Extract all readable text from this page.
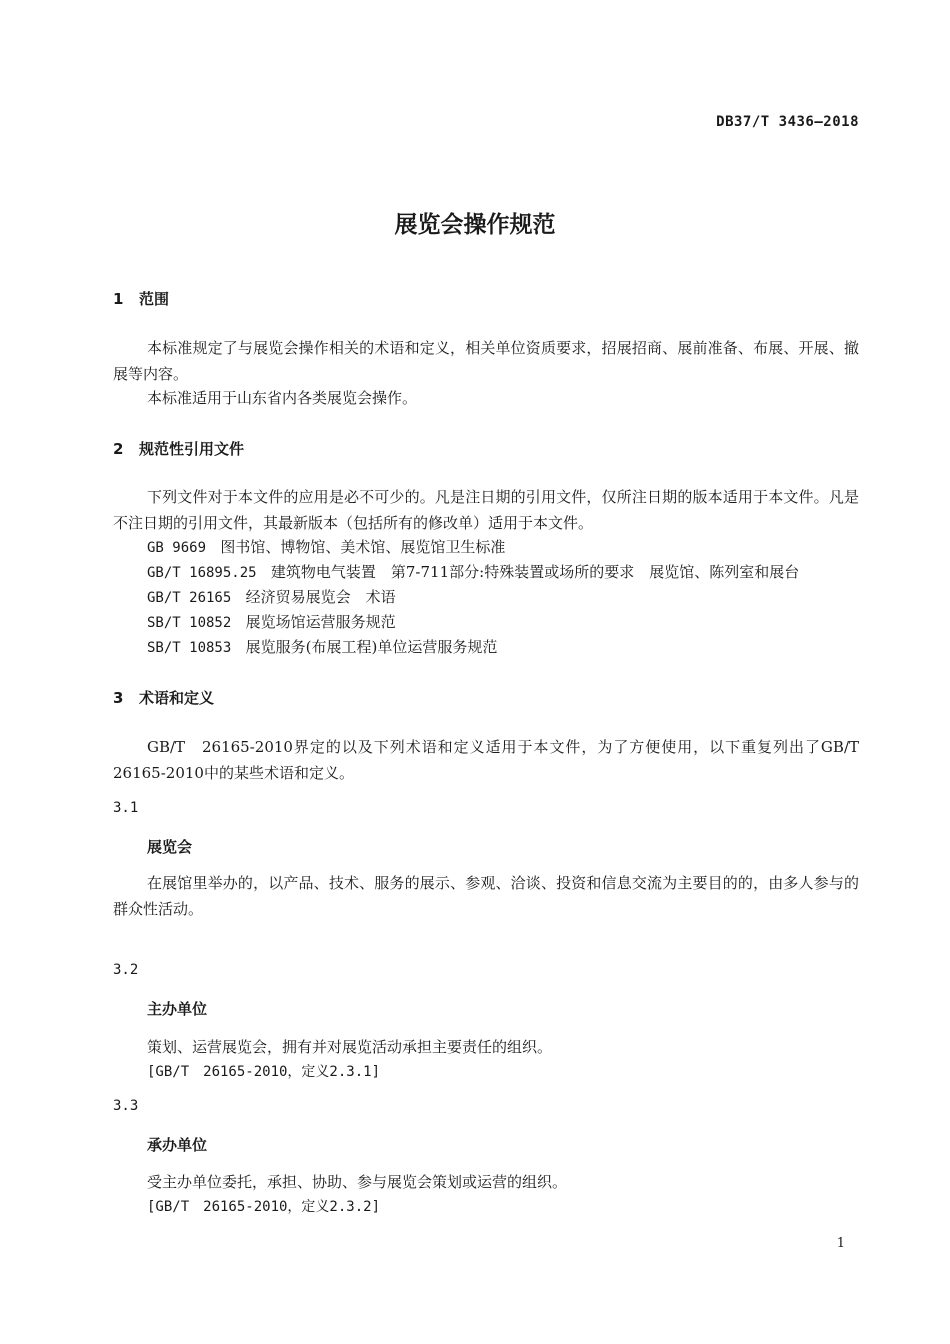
DB37/T 3436—2018
展览会操作规范
1 范围
本标准规定了与展览会操作相关的术语和定义，相关单位资质要求，招展招商、展前准备、布展、开展、撤展等内容。
本标准适用于山东省内各类展览会操作。
2 规范性引用文件
下列文件对于本文件的应用是必不可少的。凡是注日期的引用文件，仅所注日期的版本适用于本文件。凡是不注日期的引用文件，其最新版本（包括所有的修改单）适用于本文件。
GB 9669 图书馆、博物馆、美术馆、展览馆卫生标准
GB/T 16895.25 建筑物电气装置　第7-711部分:特殊装置或场所的要求　展览馆、陈列室和展台
GB/T 26165 经济贸易展览会　术语
SB/T 10852 展览场馆运营服务规范
SB/T 10853 展览服务(布展工程)单位运营服务规范
3 术语和定义
GB/T　26165-2010界定的以及下列术语和定义适用于本文件，为了方便使用，以下重复列出了GB/T 26165-2010中的某些术语和定义。
3.1
展览会
在展馆里举办的，以产品、技术、服务的展示、参观、洽谈、投资和信息交流为主要目的的，由多人参与的群众性活动。
3.2
主办单位
策划、运营展览会，拥有并对展览活动承担主要责任的组织。
[GB/T　26165-2010，定义2.3.1]
3.3
承办单位
受主办单位委托，承担、协助、参与展览会策划或运营的组织。
[GB/T　26165-2010，定义2.3.2]
1
